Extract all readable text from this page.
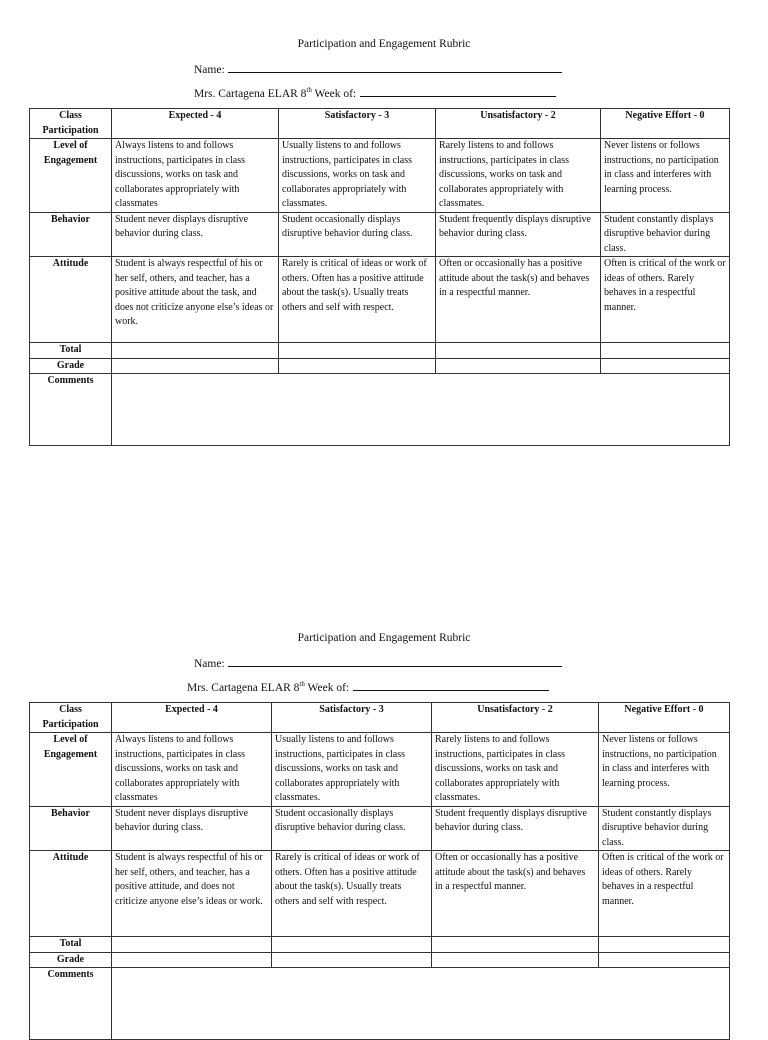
Participation and Engagement Rubric
Name:
Mrs. Cartagena ELAR 8th Week of:
Class Participation	Expected - 4	Satisfactory - 3	Unsatisfactory - 2	Negative Effort - 0
Level of Engagement	Always listens to and follows instructions, participates in class discussions, works on task and collaborates appropriately with classmates	Usually listens to and follows instructions, participates in class discussions, works on task and collaborates appropriately with classmates.	Rarely listens to and follows instructions, participates in class discussions, works on task and collaborates appropriately with classmates.	Never listens or follows instructions, no participation in class and interferes with learning process.
Behavior	Student never displays disruptive behavior during class.	Student occasionally displays disruptive behavior during class.	Student frequently displays disruptive behavior during class.	Student constantly displays disruptive behavior during class.
Attitude	Student is always respectful of his or her self, others, and teacher, has a positive attitude about the task, and does not criticize anyone else’s ideas or work.	Rarely is critical of ideas or work of others. Often has a positive attitude about the task(s). Usually treats others and self with respect.	Often or occasionally has a positive attitude about the task(s) and behaves in a respectful manner.	Often is critical of the work or ideas of others. Rarely behaves in a respectful manner.
Total				
Grade				
Comments				
Participation and Engagement Rubric
Name:
Mrs. Cartagena ELAR 8th Week of:
Class Participation	Expected - 4	Satisfactory - 3	Unsatisfactory - 2	Negative Effort - 0
Level of Engagement	Always listens to and follows instructions, participates in class discussions, works on task and collaborates appropriately with classmates	Usually listens to and follows instructions, participates in class discussions, works on task and collaborates appropriately with classmates.	Rarely listens to and follows instructions, participates in class discussions, works on task and collaborates appropriately with classmates.	Never listens or follows instructions, no participation in class and interferes with learning process.
Behavior	Student never displays disruptive behavior during class.	Student occasionally displays disruptive behavior during class.	Student frequently displays disruptive behavior during class.	Student constantly displays disruptive behavior during class.
Attitude	Student is always respectful of his or her self, others, and teacher, has a positive attitude, and does not criticize anyone else’s ideas or work.	Rarely is critical of ideas or work of others. Often has a positive attitude about the task(s). Usually treats others and self with respect.	Often or occasionally has a positive attitude about the task(s) and behaves in a respectful manner.	Often is critical of the work or ideas of others. Rarely behaves in a respectful manner.
Total				
Grade				
Comments				
